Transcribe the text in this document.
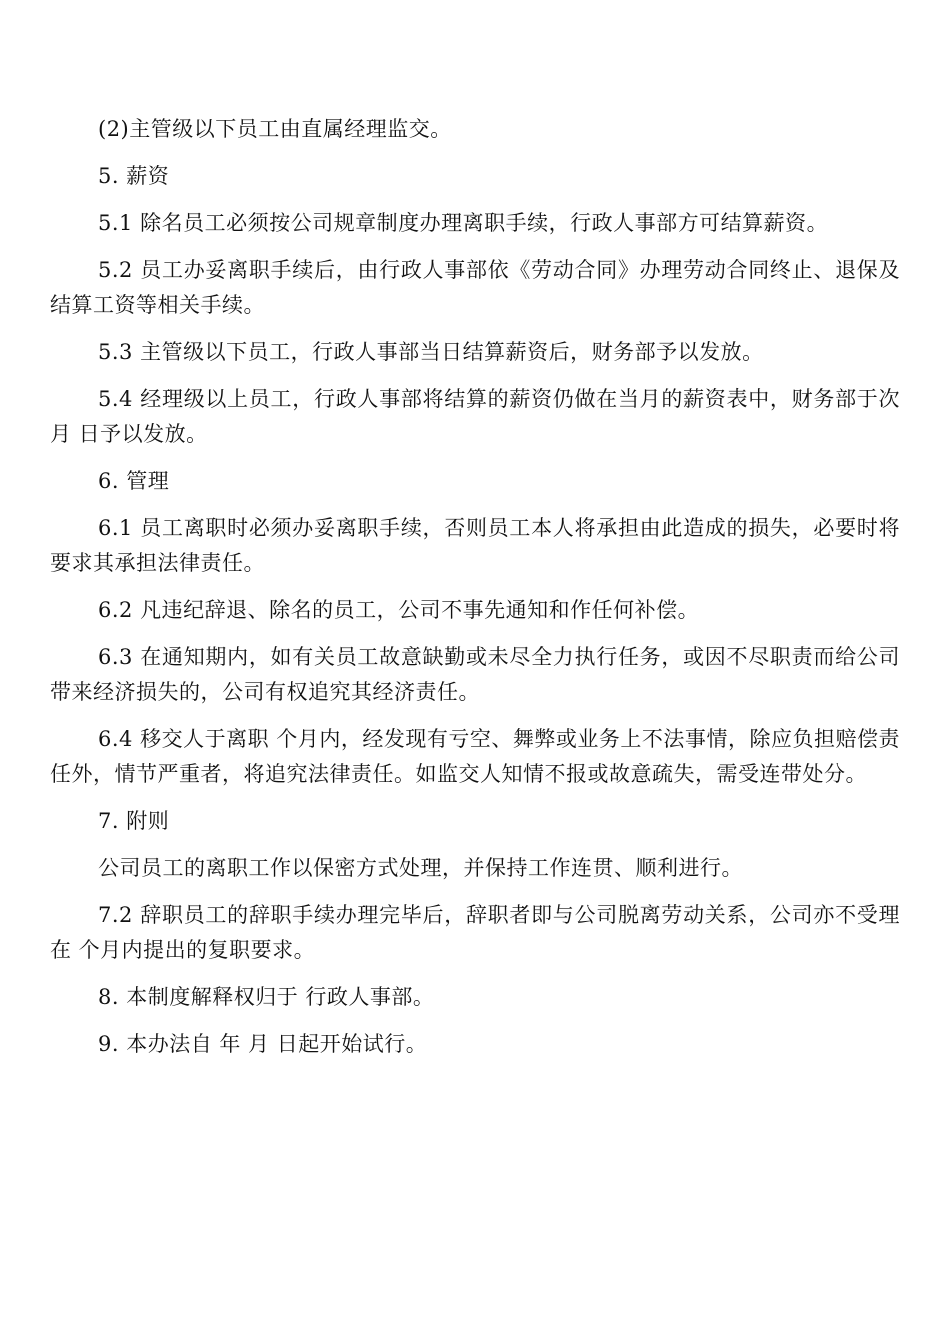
(2)主管级以下员工由直属经理监交。

5. 薪资

5.1 除名员工必须按公司规章制度办理离职手续，行政人事部方可结算薪资。

5.2 员工办妥离职手续后，由行政人事部依《劳动合同》办理劳动合同终止、退保及结算工资等相关手续。

5.3 主管级以下员工，行政人事部当日结算薪资后，财务部予以发放。

5.4 经理级以上员工，行政人事部将结算的薪资仍做在当月的薪资表中，财务部于次月 日予以发放。

6. 管理

6.1 员工离职时必须办妥离职手续，否则员工本人将承担由此造成的损失，必要时将要求其承担法律责任。

6.2 凡违纪辞退、除名的员工，公司不事先通知和作任何补偿。

6.3 在通知期内，如有关员工故意缺勤或未尽全力执行任务，或因不尽职责而给公司带来经济损失的，公司有权追究其经济责任。

6.4 移交人于离职 个月内，经发现有亏空、舞弊或业务上不法事情，除应负担赔偿责任外，情节严重者，将追究法律责任。如监交人知情不报或故意疏失，需受连带处分。

7. 附则

公司员工的离职工作以保密方式处理，并保持工作连贯、顺利进行。

7.2 辞职员工的辞职手续办理完毕后，辞职者即与公司脱离劳动关系，公司亦不受理在 个月内提出的复职要求。

8. 本制度解释权归于 行政人事部。

9. 本办法自 年 月 日起开始试行。
